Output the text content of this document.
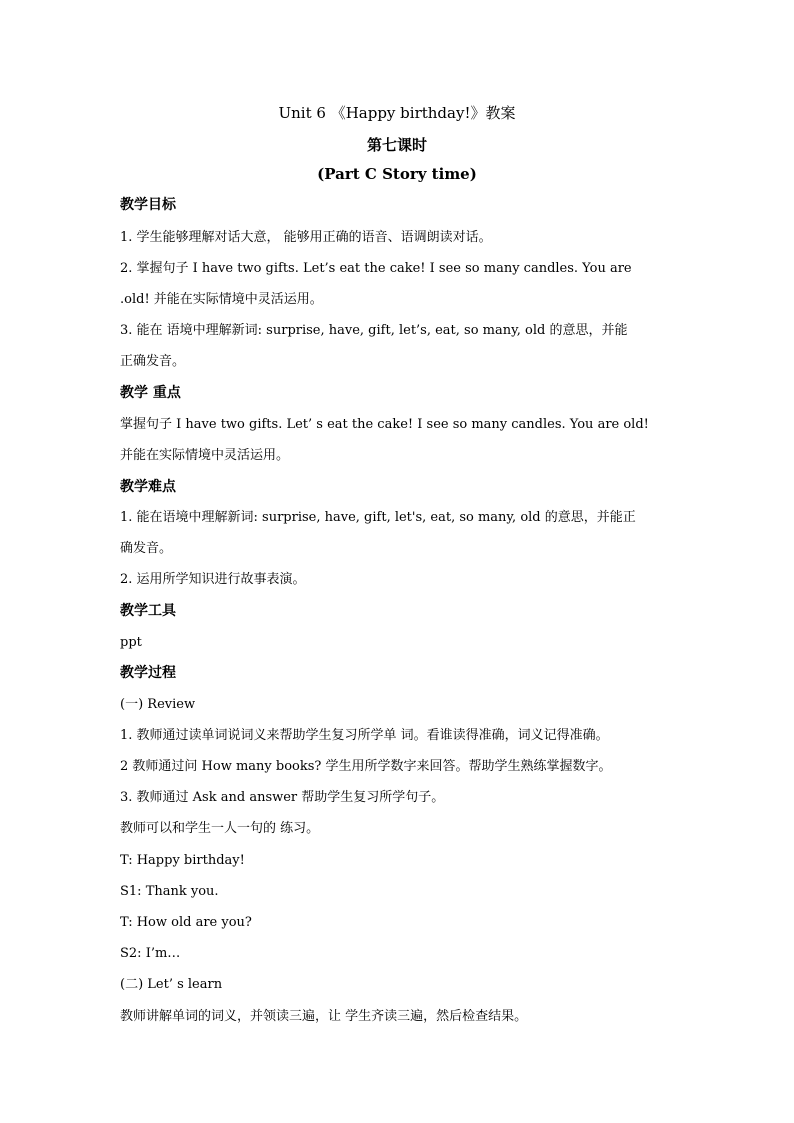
Unit 6 《Happy birthday!》教案
第七课时
(Part C Story time)
教学目标
1. 学生能够理解对话大意， 能够用正确的语音、语调朗读对话。
2. 掌握句子 I have two gifts. Let’s eat the cake! I see so many candles. You are
.old! 并能在实际情境中灵活运用。
3. 能在 语境中理解新词: surprise, have, gift, let’s, eat, so many, old 的意思，并能
正确发音。
教学 重点
掌握句子 I have two gifts. Let’ s eat the cake! I see so many candles. You are old!
并能在实际情境中灵活运用。
教学难点
1. 能在语境中理解新词: surprise, have, gift, let's, eat, so many, old 的意思，并能正
确发音。
2. 运用所学知识进行故事表演。
教学工具
ppt
教学过程
(一) Review
1. 教师通过读单词说词义来帮助学生复习所学单 词。看谁读得准确，词义记得准确。
2 教师通过问 How many books? 学生用所学数字来回答。帮助学生熟练掌握数字。
3. 教师通过 Ask and answer 帮助学生复习所学句子。
教师可以和学生一人一句的 练习。
T: Happy birthday!
S1: Thank you.
T: How old are you?
S2: I’m…
(二) Let’ s learn
教师讲解单词的词义，并领读三遍，让 学生齐读三遍，然后检查结果。
